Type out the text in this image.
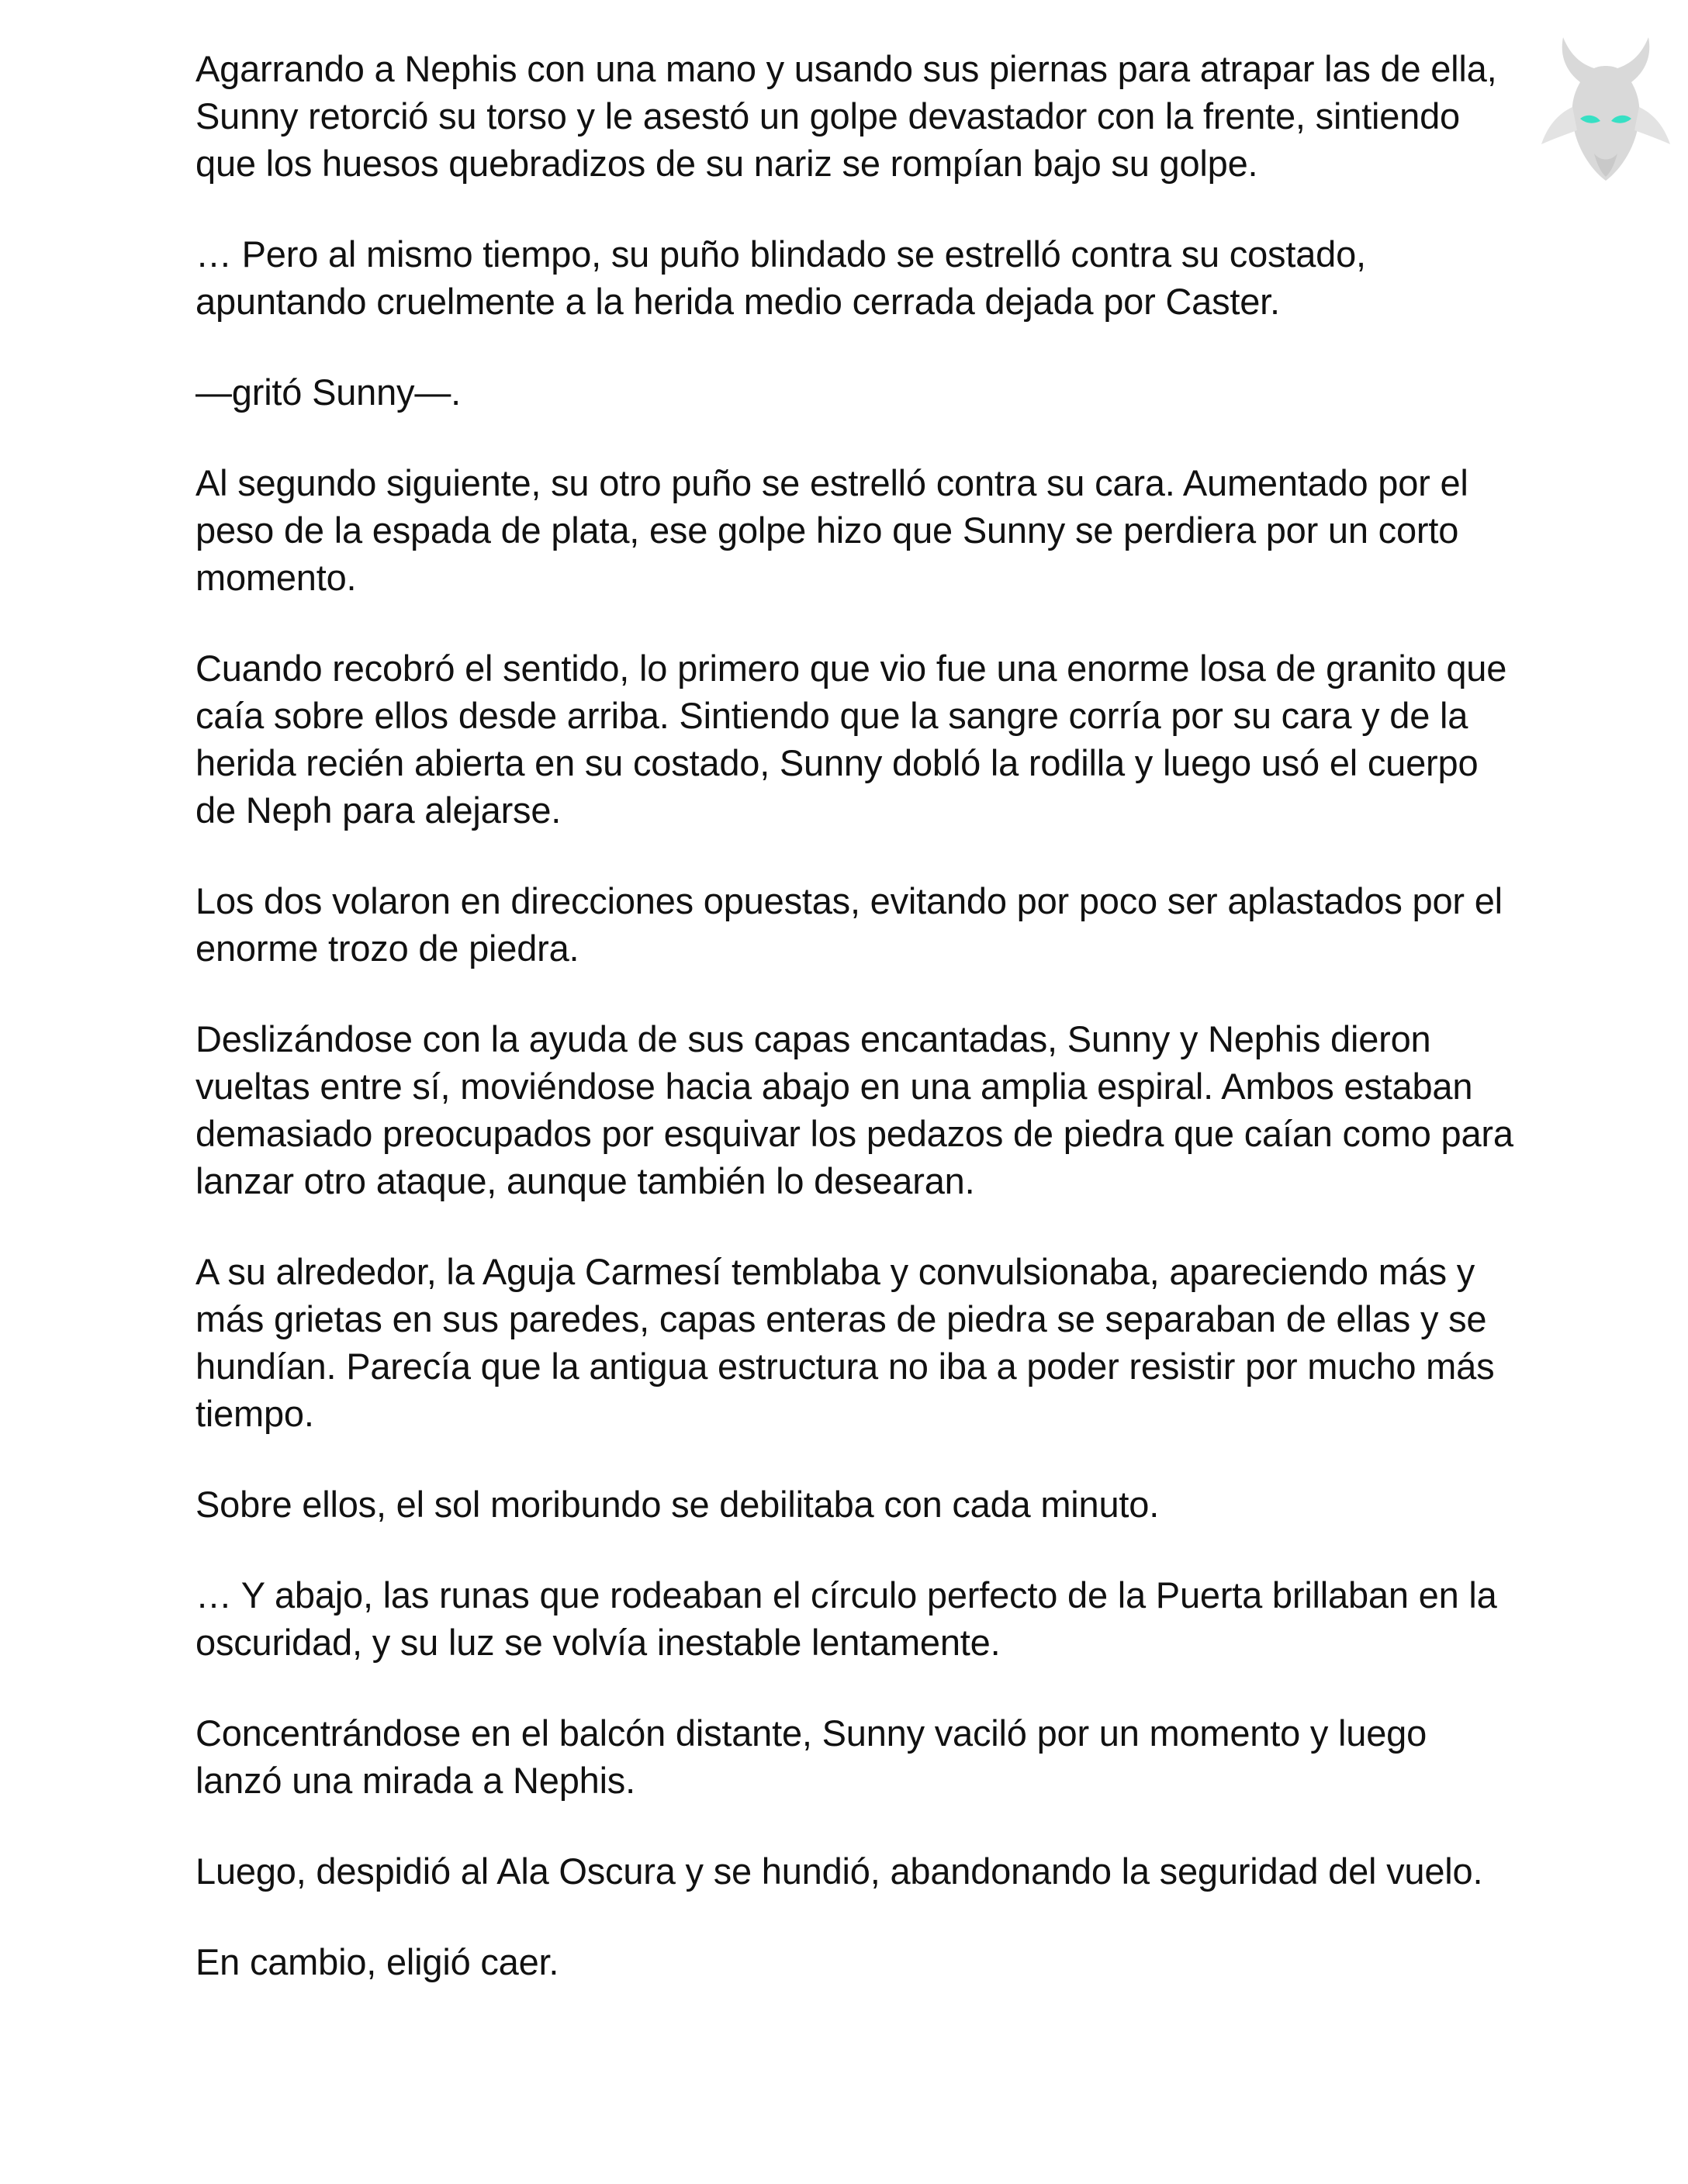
Agarrando a Nephis con una mano y usando sus piernas para atrapar las de ella, Sunny retorció su torso y le asestó un golpe devastador con la frente, sintiendo que los huesos quebradizos de su nariz se rompían bajo su golpe.

… Pero al mismo tiempo, su puño blindado se estrelló contra su costado, apuntando cruelmente a la herida medio cerrada dejada por Caster.

—gritó Sunny—.

Al segundo siguiente, su otro puño se estrelló contra su cara. Aumentado por el peso de la espada de plata, ese golpe hizo que Sunny se perdiera por un corto momento.

Cuando recobró el sentido, lo primero que vio fue una enorme losa de granito que caía sobre ellos desde arriba. Sintiendo que la sangre corría por su cara y de la herida recién abierta en su costado, Sunny dobló la rodilla y luego usó el cuerpo de Neph para alejarse.

Los dos volaron en direcciones opuestas, evitando por poco ser aplastados por el enorme trozo de piedra.

Deslizándose con la ayuda de sus capas encantadas, Sunny y Nephis dieron vueltas entre sí, moviéndose hacia abajo en una amplia espiral. Ambos estaban demasiado preocupados por esquivar los pedazos de piedra que caían como para lanzar otro ataque, aunque también lo desearan.

A su alrededor, la Aguja Carmesí temblaba y convulsionaba, apareciendo más y más grietas en sus paredes, capas enteras de piedra se separaban de ellas y se hundían. Parecía que la antigua estructura no iba a poder resistir por mucho más tiempo.

Sobre ellos, el sol moribundo se debilitaba con cada minuto.

… Y abajo, las runas que rodeaban el círculo perfecto de la Puerta brillaban en la oscuridad, y su luz se volvía inestable lentamente.

Concentrándose en el balcón distante, Sunny vaciló por un momento y luego lanzó una mirada a Nephis.

Luego, despidió al Ala Oscura y se hundió, abandonando la seguridad del vuelo.

En cambio, eligió caer.
